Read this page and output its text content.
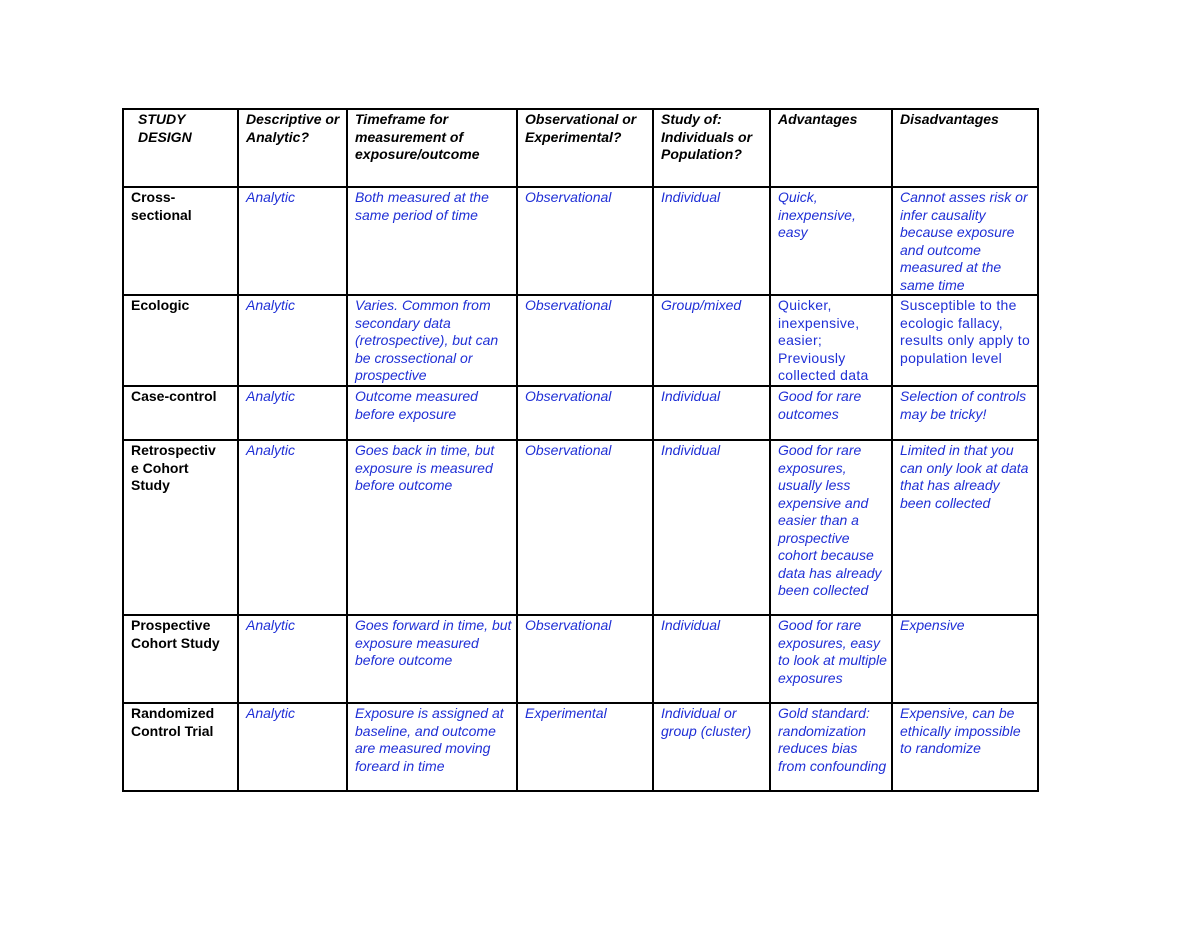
STUDY DESIGN	Descriptive or Analytic?	Timeframe for measurement of exposure/outcome	Observational or Experimental?	Study of: Individuals or Population?	Advantages	Disadvantages

Cross-
sectional	Analytic	Both measured at the same period of time	Observational	Individual	Quick, inexpensive, easy	Cannot asses risk or infer causality because exposure and outcome measured at the same time

Ecologic	Analytic	Varies. Common from secondary data (retrospective), but can be crossectional or prospective	Observational	Group/mixed	Quicker, inexpensive, easier; Previously collected data	Susceptible to the ecologic fallacy, results only apply to population level

Case-control	Analytic	Outcome measured before exposure	Observational	Individual	Good for rare outcomes	Selection of controls may be tricky!

Retrospectiv
e Cohort
Study	Analytic	Goes back in time, but exposure is measured before outcome	Observational	Individual	Good for rare exposures, usually less expensive and easier than a prospective cohort because data has already been collected	Limited in that you can only look at data that has already been collected

Prospective
Cohort Study	Analytic	Goes forward in time, but exposure measured before outcome	Observational	Individual	Good for rare exposures, easy to look at multiple exposures	Expensive

Randomized
Control Trial	Analytic	Exposure is assigned at baseline, and outcome are measured moving foreard in time	Experimental	Individual or group (cluster)	Gold standard: randomization reduces bias from confounding	Expensive, can be ethically impossible to randomize
